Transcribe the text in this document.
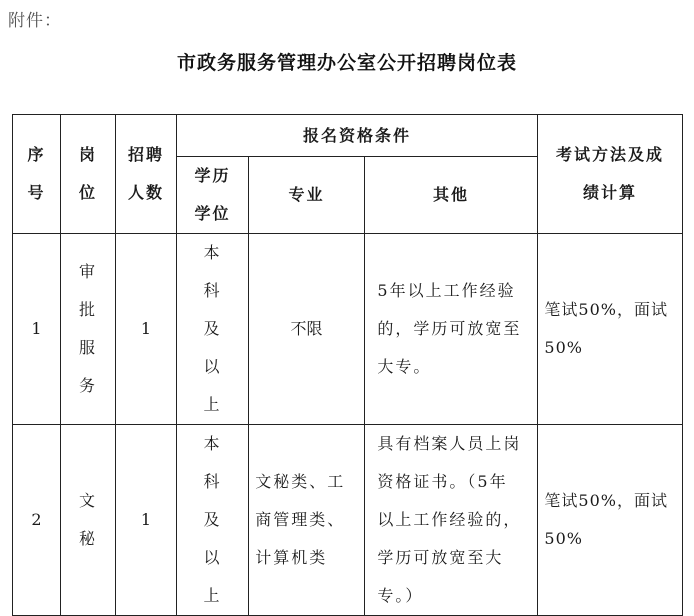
附件：
市政务服务管理办公室公开招聘岗位表
序号	岗位	招聘人数	报名资格条件			考试方法及成绩计算
			学历学位	专业	其他	
1	审批服务	1	本科及以上	不限	5年以上工作经验的，学历可放宽至大专。	笔试50%，面试50%
2	文秘	1	本科及以上	文秘类、工商管理类、计算机类	具有档案人员上岗资格证书。（5年以上工作经验的，学历可放宽至大专。）	笔试50%，面试50%
